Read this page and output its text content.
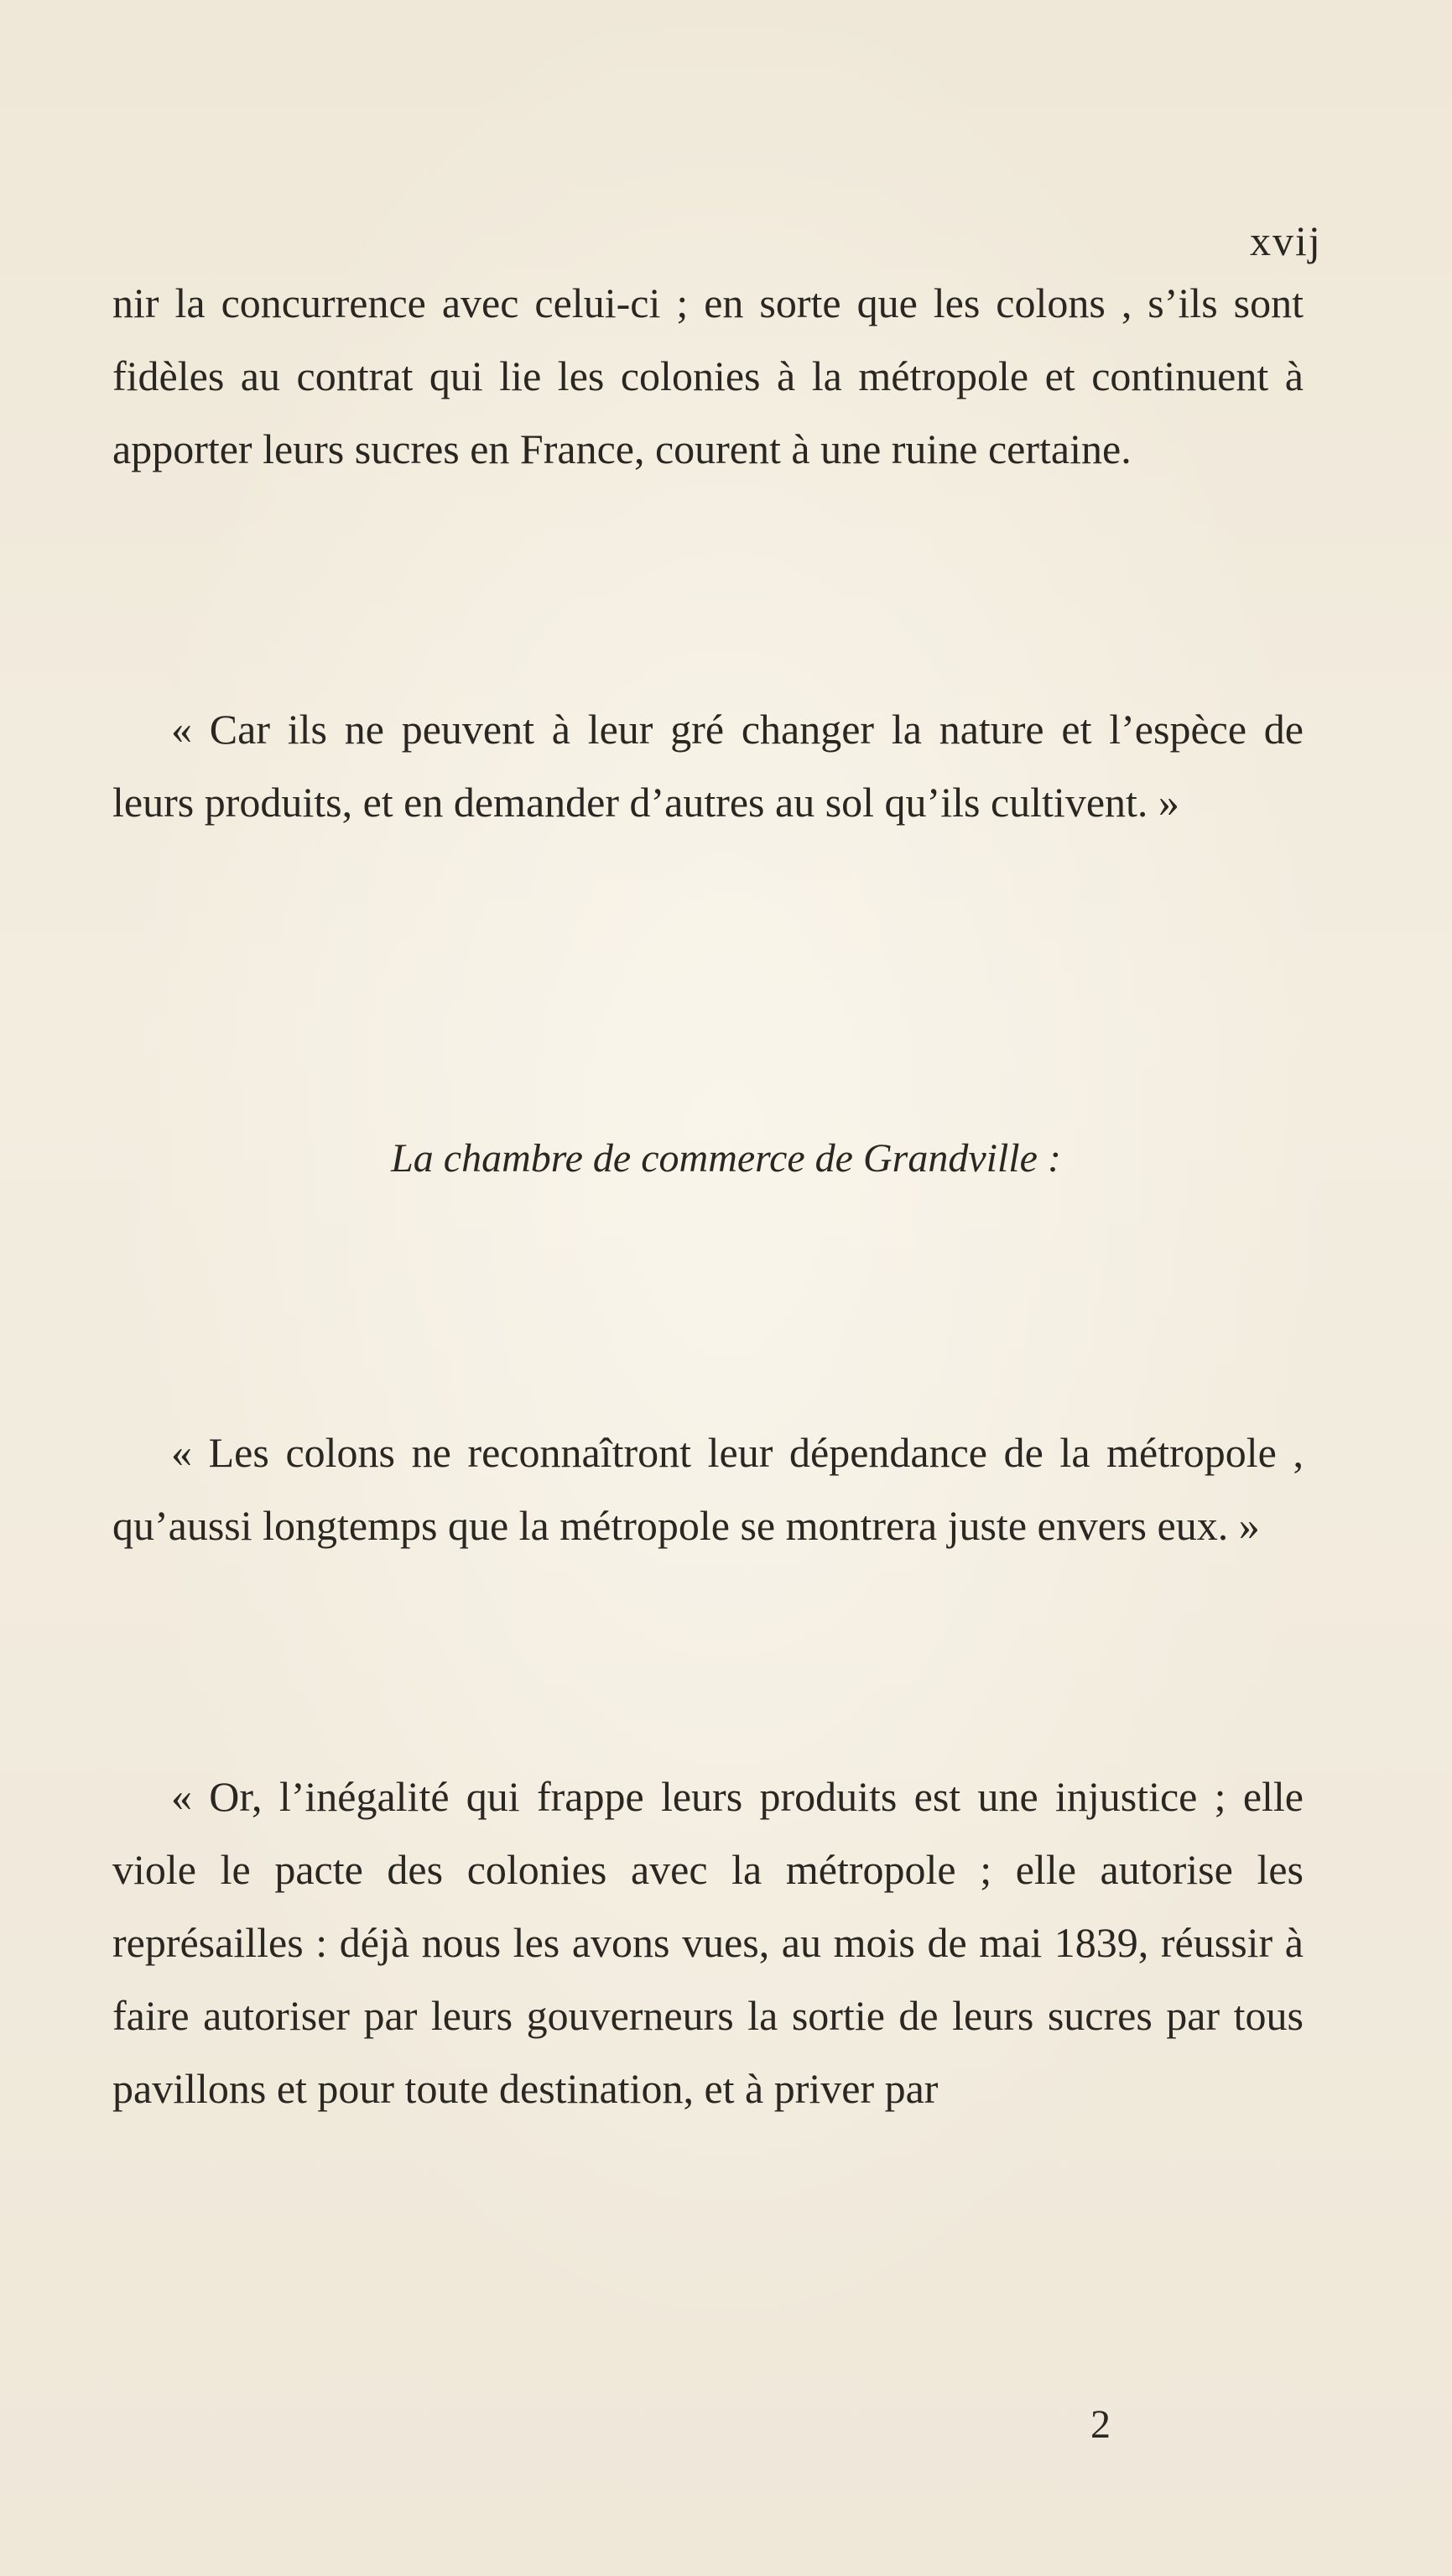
xvij

nir la concurrence avec celui-ci ; en sorte que les colons , s’ils sont fidèles au contrat qui lie les colonies à la métropole et continuent à apporter leurs sucres en France, courent à une ruine certaine.

« Car ils ne peuvent à leur gré changer la nature et l’espèce de leurs produits, et en demander d’autres au sol qu’ils cultivent. »

La chambre de commerce de Grandville :

« Les colons ne reconnaîtront leur dépendance de la métropole , qu’aussi longtemps que la métropole se montrera juste envers eux. »

« Or, l’inégalité qui frappe leurs produits est une injustice ; elle viole le pacte des colonies avec la métropole ; elle autorise les représailles : déjà nous les avons vues, au mois de mai 1839, réussir à faire autoriser par leurs gouverneurs la sortie de leurs sucres par tous pavillons et pour toute destination, et à priver par

2
